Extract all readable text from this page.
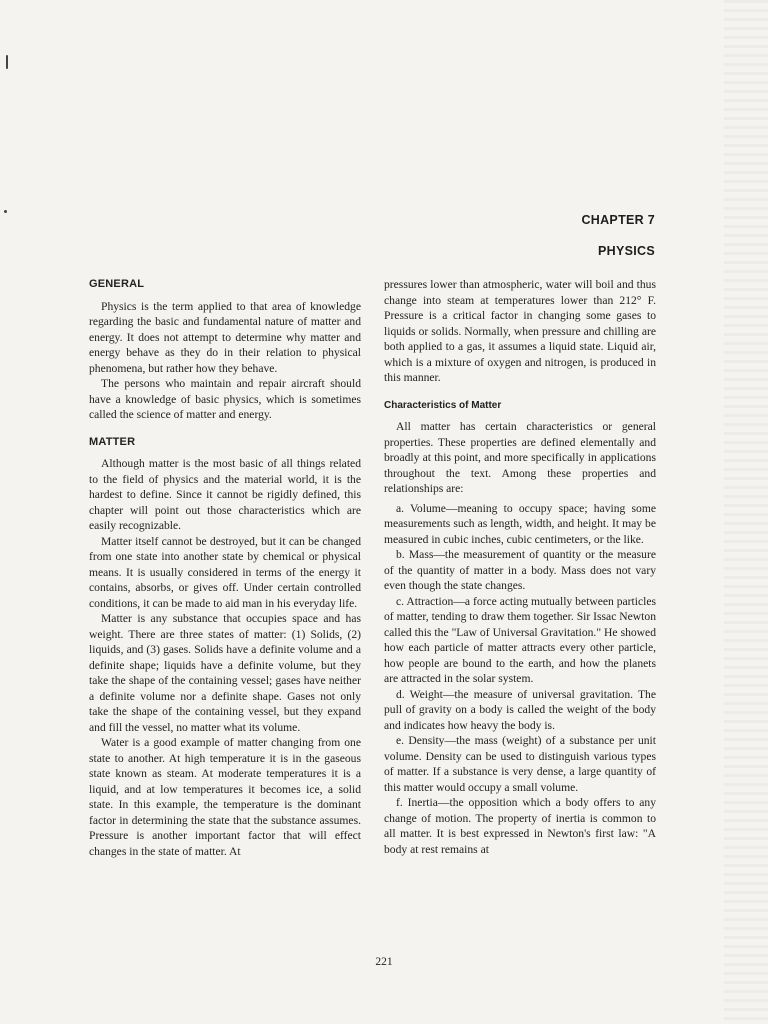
CHAPTER 7
PHYSICS
GENERAL

Physics is the term applied to that area of knowledge regarding the basic and fundamental nature of matter and energy. It does not attempt to determine why matter and energy behave as they do in their relation to physical phenomena, but rather how they behave.

The persons who maintain and repair aircraft should have a knowledge of basic physics, which is sometimes called the science of matter and energy.

MATTER

Although matter is the most basic of all things related to the field of physics and the material world, it is the hardest to define. Since it cannot be rigidly defined, this chapter will point out those characteristics which are easily recognizable.

Matter itself cannot be destroyed, but it can be changed from one state into another state by chemical or physical means. It is usually considered in terms of the energy it contains, absorbs, or gives off. Under certain controlled conditions, it can be made to aid man in his everyday life.

Matter is any substance that occupies space and has weight. There are three states of matter: (1) Solids, (2) liquids, and (3) gases. Solids have a definite volume and a definite shape; liquids have a definite volume, but they take the shape of the containing vessel; gases have neither a definite volume nor a definite shape. Gases not only take the shape of the containing vessel, but they expand and fill the vessel, no matter what its volume.

Water is a good example of matter changing from one state to another. At high temperature it is in the gaseous state known as steam. At moderate temperatures it is a liquid, and at low temperatures it becomes ice, a solid state. In this example, the temperature is the dominant factor in determining the state that the substance assumes. Pressure is another important factor that will effect changes in the state of matter. At

pressures lower than atmospheric, water will boil and thus change into steam at temperatures lower than 212° F. Pressure is a critical factor in changing some gases to liquids or solids. Normally, when pressure and chilling are both applied to a gas, it assumes a liquid state. Liquid air, which is a mixture of oxygen and nitrogen, is produced in this manner.

Characteristics of Matter

All matter has certain characteristics or general properties. These properties are defined elementally and broadly at this point, and more specifically in applications throughout the text. Among these properties and relationships are:

a. Volume—meaning to occupy space; having some measurements such as length, width, and height. It may be measured in cubic inches, cubic centimeters, or the like.

b. Mass—the measurement of quantity or the measure of the quantity of matter in a body. Mass does not vary even though the state changes.

c. Attraction—a force acting mutually between particles of matter, tending to draw them together. Sir Issac Newton called this the "Law of Universal Gravitation." He showed how each particle of matter attracts every other particle, how people are bound to the earth, and how the planets are attracted in the solar system.

d. Weight—the measure of universal gravitation. The pull of gravity on a body is called the weight of the body and indicates how heavy the body is.

e. Density—the mass (weight) of a substance per unit volume. Density can be used to distinguish various types of matter. If a substance is very dense, a large quantity of this matter would occupy a small volume.

f. Inertia—the opposition which a body offers to any change of motion. The property of inertia is common to all matter. It is best expressed in Newton's first law: "A body at rest remains at

221
